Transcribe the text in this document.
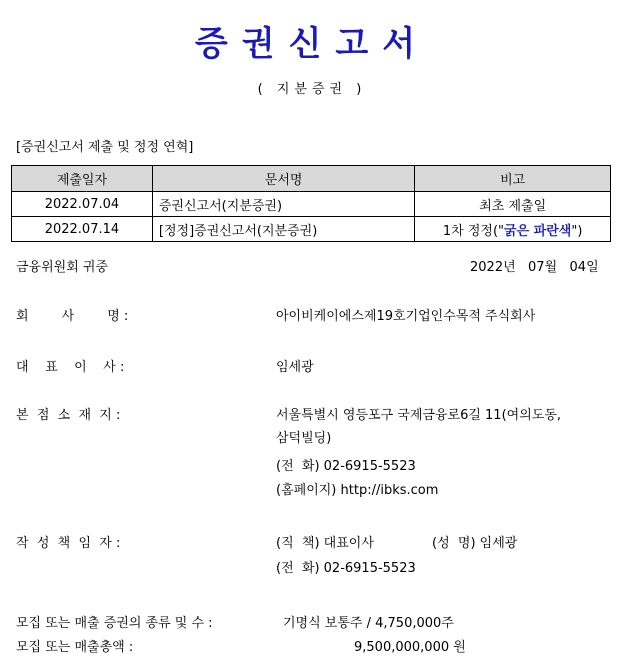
증권신고서
( 지분증권 )
[증권신고서 제출 및 정정 연혁]
제출일자	문서명	비고
2022.07.04	증권신고서(지분증권)	최초 제출일
2022.07.14	[정정]증권신고서(지분증권)	1차 정정("굵은 파란색")
금융위원회 귀중	2022년   07월   04일
회        사        명 :	아이비케이에스제19호기업인수목적 주식회사
대    표    이    사 :	임세광
본  점  소  재  지 :	서울특별시 영등포구 국제금융로6길 11(여의도동,
삼덕빌딩)
(전  화) 02-6915-5523
(홈페이지) http://ibks.com
작  성  책  임  자 :	(직  책) 대표이사	(성  명) 임세광
(전  화) 02-6915-5523
모집 또는 매출 증권의 종류 및 수 :	기명식 보통주 / 4,750,000주
모집 또는 매출총액 :	9,500,000,000 원
